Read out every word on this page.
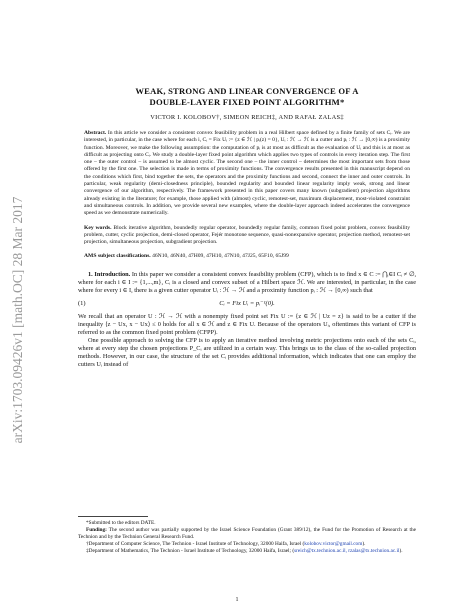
arXiv:1703.09426v1 [math.OC] 28 Mar 2017
WEAK, STRONG AND LINEAR CONVERGENCE OF A
DOUBLE-LAYER FIXED POINT ALGORITHM*
VICTOR I. KOLOBOV†, SIMEON REICH‡, AND RAFAŁ ZALAS‡
Abstract. In this article we consider a consistent convex feasibility problem in a real Hilbert space defined by a finite family of sets Cᵢ. We are interested, in particular, in the case where for each i, Cᵢ = Fix Uᵢ := {z ∈ ℋ | pᵢ(z) = 0}, Uᵢ : ℋ → ℋ is a cutter and pᵢ : ℋ → [0,∞) is a proximity function. Moreover, we make the following assumption: the computation of pᵢ is at most as difficult as the evaluation of Uᵢ and this is at most as difficult as projecting onto Cᵢ. We study a double-layer fixed point algorithm which applies two types of controls in every iteration step. The first one – the outer control – is assumed to be almost cyclic. The second one – the inner control – determines the most important sets from those offered by the first one. The selection is made in terms of proximity functions. The convergence results presented in this manuscript depend on the conditions which first, bind together the sets, the operators and the proximity functions and second, connect the inner and outer controls. In particular, weak regularity (demi-closedness principle), bounded regularity and bounded linear regularity imply weak, strong and linear convergence of our algorithm, respectively. The framework presented in this paper covers many known (subgradient) projection algorithms already existing in the literature; for example, those applied with (almost) cyclic, remotest-set, maximum displacement, most-violated constraint and simultaneous controls. In addition, we provide several new examples, where the double-layer approach indeed accelerates the convergence speed as we demonstrate numerically.
Key words. Block iterative algorithm, boundedly regular operator, boundedly regular family, common fixed point problem, convex feasibility problem, cutter, cyclic projection, demi-closed operator, Fejér monotone sequence, quasi-nonexpansive operator, projection method, remotest-set projection, simultaneous projection, subgradient projection.
AMS subject classifications. 46N10, 46N40, 47H09, 47H10, 47N10, 47J25, 65F10, 65J99

1. Introduction. In this paper we consider a consistent convex feasibility problem (CFP), which is to find x ∈ C := ⋂ᵢ∈I Cᵢ ≠ ∅, where for each i ∈ I := {1,...,m}, Cᵢ is a closed and convex subset of a Hilbert space ℋ. We are interested, in particular, in the case where for every i ∈ I, there is a given cutter operator Uᵢ : ℋ → ℋ and a proximity function pᵢ : ℋ → [0,∞) such that

(1)	Cᵢ = Fix Uᵢ = pᵢ⁻¹(0).

We recall that an operator U : ℋ → ℋ with a nonempty fixed point set Fix U := {z ∈ ℋ | Uz = z} is said to be a cutter if the inequality ⟨z − Ux, x − Ux⟩ ≤ 0 holds for all x ∈ ℋ and z ∈ Fix U. Because of the operators Uᵢ, oftentimes this variant of CFP is referred to as the common fixed point problem (CFPP).

One possible approach to solving the CFP is to apply an iterative method involving metric projections onto each of the sets Cᵢ, where at every step the chosen projections P_Cᵢ are utilized in a certain way. This brings us to the class of the so-called projection methods. However, in our case, the structure of the set Cᵢ provides additional information, which indicates that one can employ the cutters Uᵢ instead of

*Submitted to the editors DATE.

Funding: The second author was partially supported by the Israel Science Foundation (Grant 389/12), the Fund for the Promotion of Research at the Technion and by the Technion General Research Fund.

†Department of Computer Science, The Technion - Israel Institute of Technology, 32000 Haifa, Israel (kolobov.victor@gmail.com).

‡Department of Mathematics, The Technion - Israel Institute of Technology, 32000 Haifa, Israel; (sreich@tx.technion.ac.il, rzalas@tx.technion.ac.il).

1
